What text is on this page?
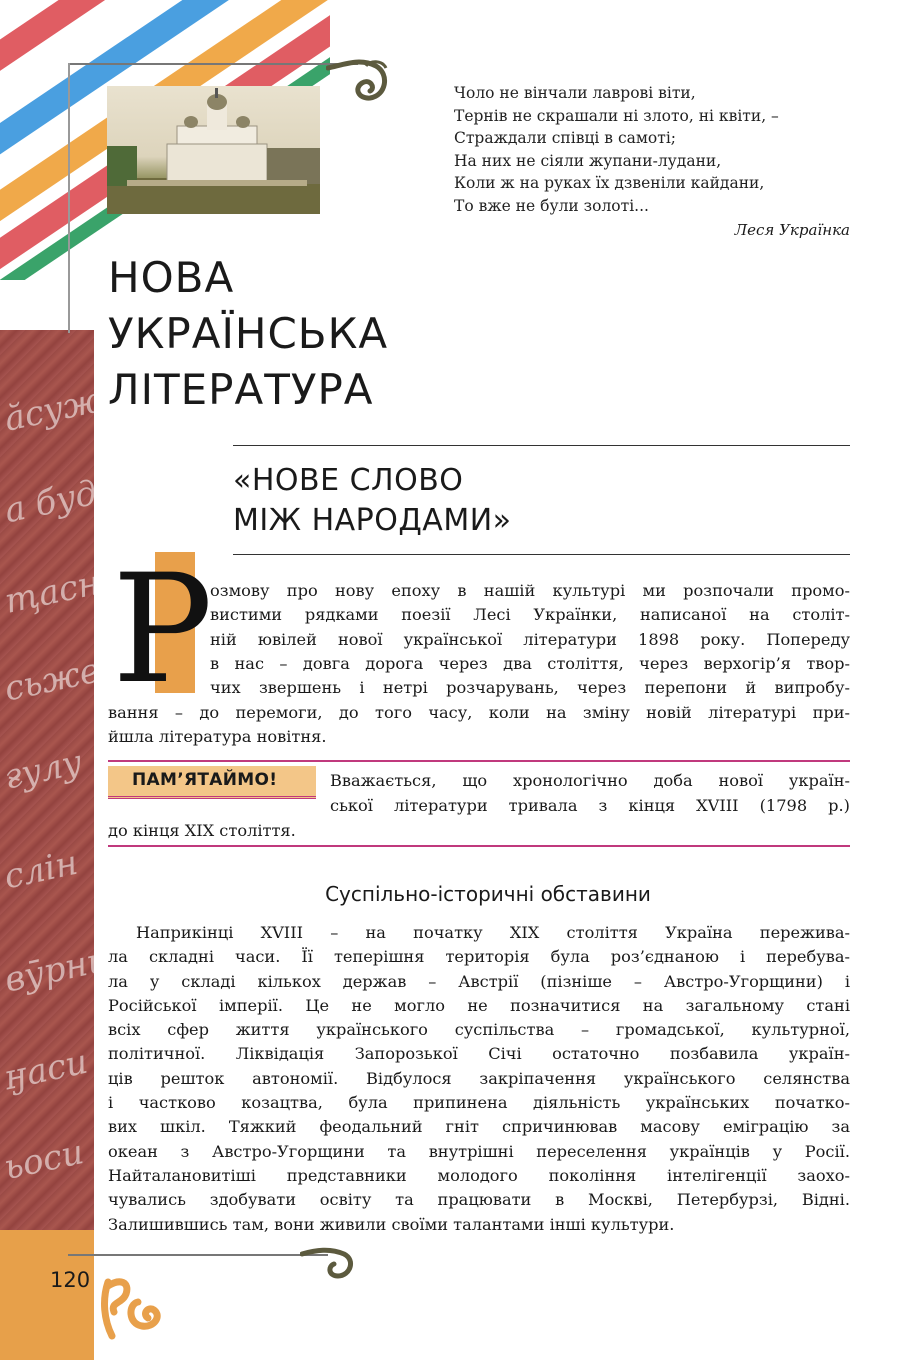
ӑсуж
а буде
ҭасни
сьже
ғулу
слін
вӯрни
ӈаси
ьоси
Чоло не вінчали лаврові віти,
Тернів не скрашали ні злото, ні квіти, –
Страждали співці в самоті;
На них не сіяли жупани-лудани,
Коли ж на руках їх дзвеніли кайдани,
То вже не були золоті...
Леся Українка
НОВА
УКРАЇНСЬКА
ЛІТЕРАТУРА
«НОВЕ СЛОВО
МІЖ НАРОДАМИ»
Р
озмову про нову епоху в нашій культурі ми розпочали промо-
вистими рядками поезії Лесі Українки, написаної на століт-
ній ювілей нової української літератури 1898 року. Попереду
в нас – довга дорога через два століття, через верхогір’я твор-
чих звершень і нетрі розчарувань, через перепони й випробу-
вання – до перемоги, до того часу, коли на зміну новій літературі при-
йшла література новітня.
ПАМ’ЯТАЙМО!	Вважається, що хронологічно доба нової україн-
ської літератури тривала з кінця XVIII (1798 р.)
до кінця XIX століття.
Суспільно-історичні обставини
Наприкінці XVIII – на початку XIX століття Україна пережива-
ла складні часи. Її теперішня територія була роз’єднаною і перебува-
ла у складі кількох держав – Австрії (пізніше – Австро-Угорщини) і
Російської імперії. Це не могло не позначитися на загальному стані
всіх сфер життя українського суспільства – громадської, культурної,
політичної. Ліквідація Запорозької Січі остаточно позбавила україн-
ців решток автономії. Відбулося закріпачення українського селянства
і частково козацтва, була припинена діяльність українських початко-
вих шкіл. Тяжкий феодальний гніт спричинював масову еміграцію за
океан з Австро-Угорщини та внутрішні переселення українців у Росії.
Найталановитіші представники молодого покоління інтелігенції заохо-
чувались здобувати освіту та працювати в Москві, Петербурзі, Відні.
Залишившись там, вони живили своїми талантами інші культури.
120
